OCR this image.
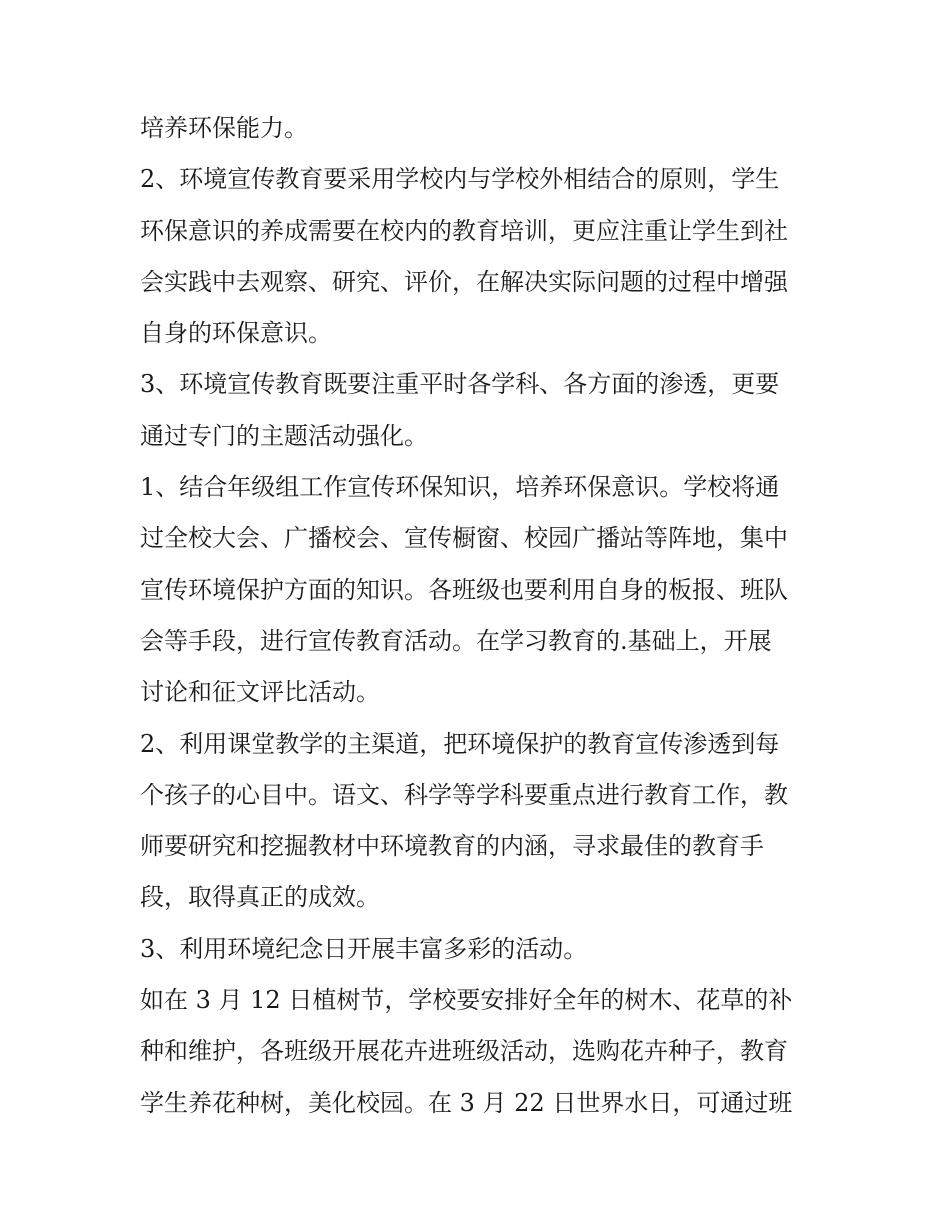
培养环保能力。
2、环境宣传教育要采用学校内与学校外相结合的原则，学生
环保意识的养成需要在校内的教育培训，更应注重让学生到社
会实践中去观察、研究、评价，在解决实际问题的过程中增强
自身的环保意识。
3、环境宣传教育既要注重平时各学科、各方面的渗透，更要
通过专门的主题活动强化。
1、结合年级组工作宣传环保知识，培养环保意识。学校将通
过全校大会、广播校会、宣传橱窗、校园广播站等阵地，集中
宣传环境保护方面的知识。各班级也要利用自身的板报、班队
会等手段，进行宣传教育活动。在学习教育的.基础上，开展
讨论和征文评比活动。
2、利用课堂教学的主渠道，把环境保护的教育宣传渗透到每
个孩子的心目中。语文、科学等学科要重点进行教育工作，教
师要研究和挖掘教材中环境教育的内涵，寻求最佳的教育手
段，取得真正的成效。
3、利用环境纪念日开展丰富多彩的活动。
如在 3 月 12 日植树节，学校要安排好全年的树木、花草的补
种和维护，各班级开展花卉进班级活动，选购花卉种子，教育
学生养花种树，美化校园。在 3 月 22 日世界水日，可通过班
